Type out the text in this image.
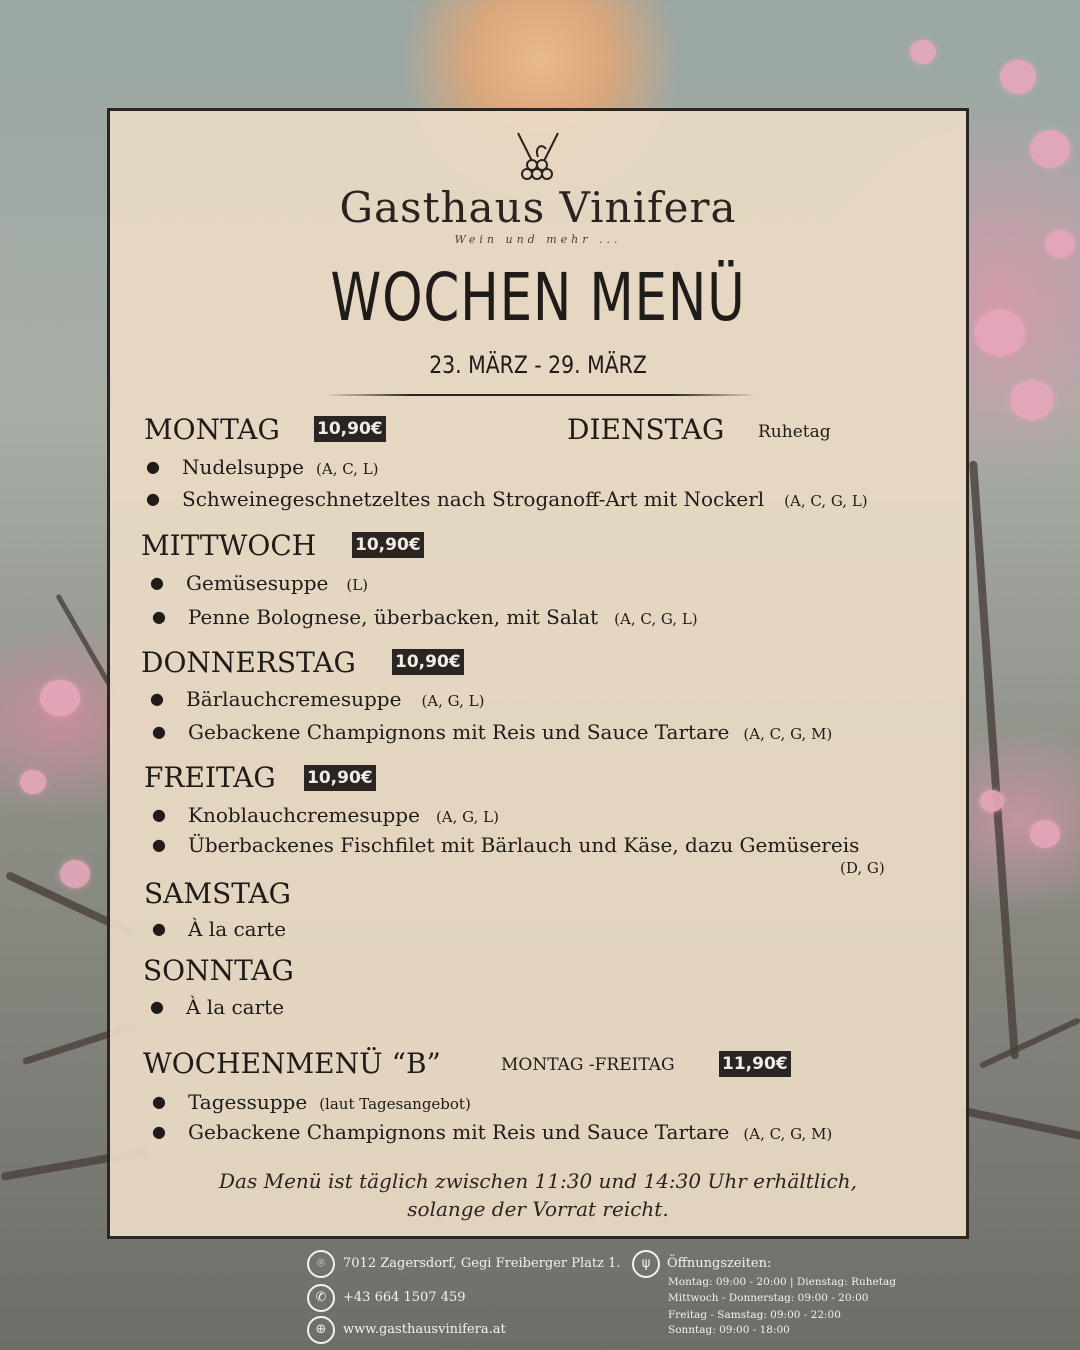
Gasthaus Vinifera
Wein und mehr ...
WOCHEN MENÜ
23. MÄRZ - 29. MÄRZ
MONTAG 10,90€
● Nudelsuppe (A, C, L)
● Schweinegeschnetzeltes nach Stroganoff-Art mit Nockerl (A, C, G, L)
DIENSTAG Ruhetag
MITTWOCH 10,90€
● Gemüsesuppe (L)
● Penne Bolognese, überbacken, mit Salat (A, C, G, L)
DONNERSTAG 10,90€
● Bärlauchcremesuppe (A, G, L)
● Gebackene Champignons mit Reis und Sauce Tartare (A, C, G, M)
FREITAG 10,90€
● Knoblauchcremesuppe (A, G, L)
● Überbackenes Fischfilet mit Bärlauch und Käse, dazu Gemüsereis
(D, G)
SAMSTAG
● À la carte
SONNTAG
● À la carte
WOCHENMENÜ “B”	MONTAG -FREITAG	11,90€
● Tagessuppe (laut Tagesangebot)
● Gebackene Champignons mit Reis und Sauce Tartare (A, C, G, M)
Das Menü ist täglich zwischen 11:30 und 14:30 Uhr erhältlich,
solange der Vorrat reicht.
⌾	7012 Zagersdorf, Gegi Freiberger Platz 1.
✆	+43 664 1507 459
⊕	www.gasthausvinifera.at
ψ	Öffnungszeiten:
Montag: 09:00 - 20:00 | Dienstag: Ruhetag
Mittwoch - Donnerstag: 09:00 - 20:00
Freitag - Samstag: 09:00 - 22:00
Sonntag: 09:00 - 18:00
